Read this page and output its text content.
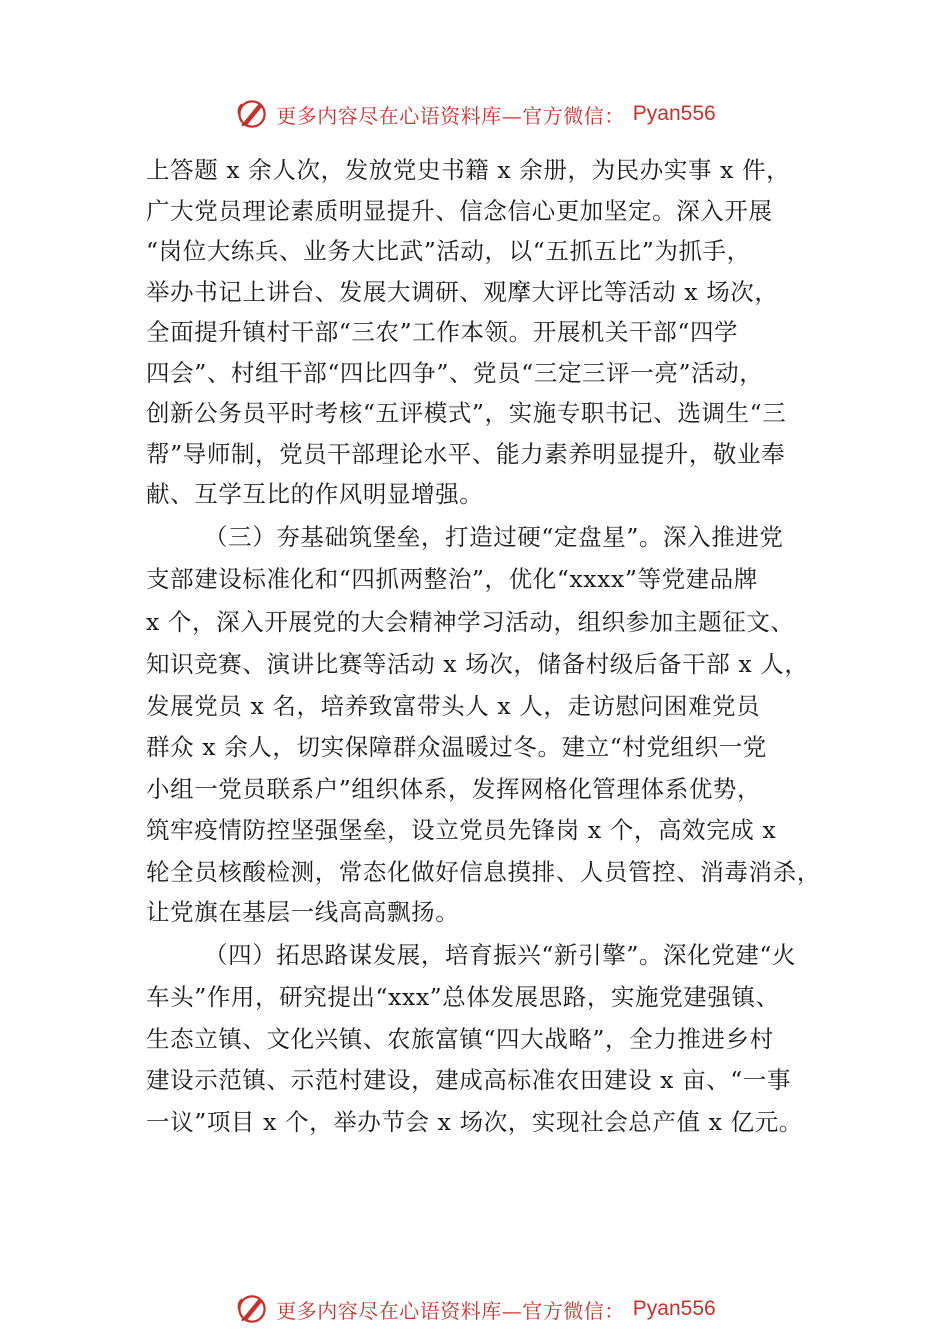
更多内容尽在心语资料库—官方微信： Pyan556
上答题 x 余人次，发放党史书籍 x 余册，为民办实事 x 件，
广大党员理论素质明显提升、信念信心更加坚定。深入开展
“岗位大练兵、业务大比武”活动，以“五抓五比”为抓手，
举办书记上讲台、发展大调研、观摩大评比等活动 x 场次，
全面提升镇村干部“三农”工作本领。开展机关干部“四学
四会”、村组干部“四比四争”、党员“三定三评一亮”活动，
创新公务员平时考核“五评模式”，实施专职书记、选调生“三
帮”导师制，党员干部理论水平、能力素养明显提升，敬业奉
献、互学互比的作风明显增强。
（三）夯基础筑堡垒，打造过硬“定盘星”。深入推进党
支部建设标准化和“四抓两整治”，优化“xxxx”等党建品牌
x 个，深入开展党的大会精神学习活动，组织参加主题征文、
知识竞赛、演讲比赛等活动 x 场次，储备村级后备干部 x 人，
发展党员 x 名，培养致富带头人 x 人，走访慰问困难党员
群众 x 余人，切实保障群众温暖过冬。建立“村党组织一党
小组一党员联系户”组织体系，发挥网格化管理体系优势，
筑牢疫情防控坚强堡垒，设立党员先锋岗 x 个，高效完成 x
轮全员核酸检测，常态化做好信息摸排、人员管控、消毒消杀，
让党旗在基层一线高高飘扬。
（四）拓思路谋发展，培育振兴“新引擎”。深化党建“火
车头”作用，研究提出“xxx”总体发展思路，实施党建强镇、
生态立镇、文化兴镇、农旅富镇“四大战略”，全力推进乡村
建设示范镇、示范村建设，建成高标准农田建设 x 亩、“一事
一议”项目 x 个，举办节会 x 场次，实现社会总产值 x 亿元。
更多内容尽在心语资料库—官方微信： Pyan556
